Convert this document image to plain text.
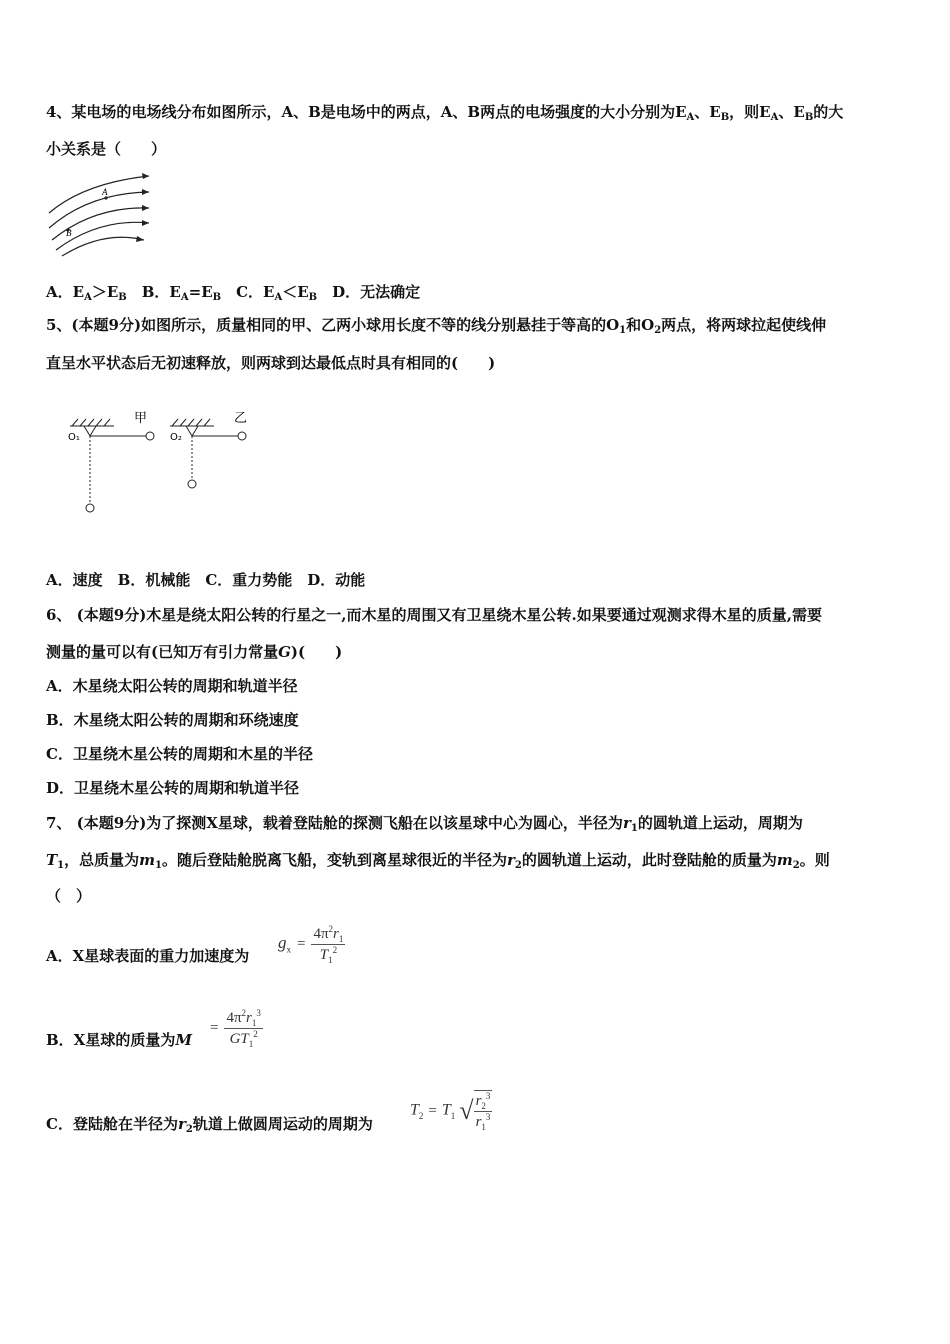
4、某电场的电场线分布如图所示，A、B是电场中的两点，A、B两点的电场强度的大小分别为$E_A$、$E_B$，则$E_A$、$E_B$的大
小关系是（　　）
A
B
A．$E_A>E_B$　B．$E_A=E_B$　C．$E_A<E_B$　D．无法确定
5、(本题9分)如图所示，质量相同的甲、乙两小球用长度不等的线分别悬挂于等高的$O_1$和$O_2$两点，将两球拉起使线伸
直呈水平状态后无初速释放，则两球到达最低点时具有相同的(　　)
甲	乙
O₁	O₂
A．速度　B．机械能　C．重力势能　D．动能
6、 (本题9分)木星是绕太阳公转的行星之一,而木星的周围又有卫星绕木星公转.如果要通过观测求得木星的质量,需要
测量的量可以有(已知万有引力常量G)(　　)
A．木星绕太阳公转的周期和轨道半径
B．木星绕太阳公转的周期和环绕速度
C．卫星绕木星公转的周期和木星的半径
D．卫星绕木星公转的周期和轨道半径
7、 (本题9分)为了探测X星球，载着登陆舱的探测飞船在以该星球中心为圆心，半径为$r_1$的圆轨道上运动，周期为
$T_1$，总质量为$m_1$。随后登陆舱脱离飞船，变轨到离星球很近的半径为$r_2$的圆轨道上运动，此时登陆舱的质量为$m_2$。则
（　）
A．X星球表面的重力加速度为
$g_x = \frac{4\pi^2r_1}{T_1^2}$
B．X星球的质量为M
= $\frac{4\pi^2r_1^3}{GT_1^2}$
C．登陆舱在半径为$r_2$轨道上做圆周运动的周期为
$T_2 = T_1$ √ $\frac{r_2^3}{r_1^3}$
